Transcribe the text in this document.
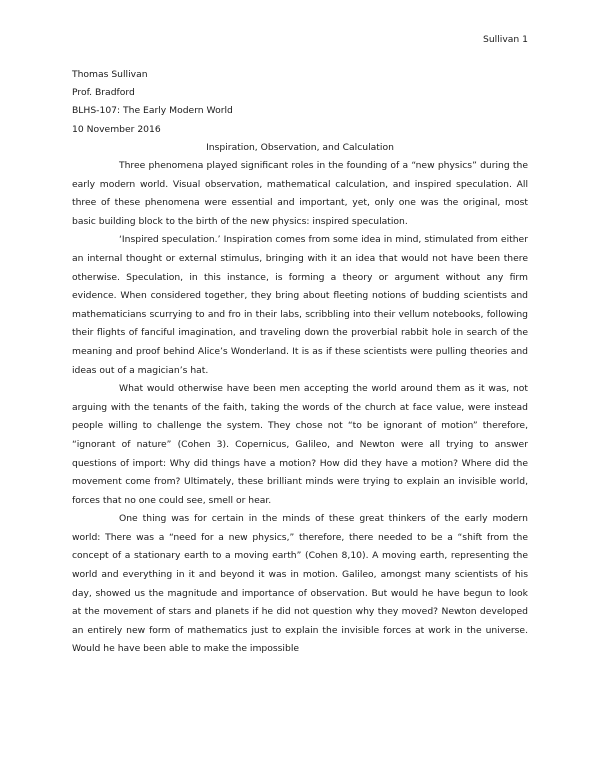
Sullivan 1
Thomas Sullivan
Prof. Bradford
BLHS-107: The Early Modern World
10 November 2016
Inspiration, Observation, and Calculation

Three phenomena played significant roles in the founding of a “new physics” during the early modern world. Visual observation, mathematical calculation, and inspired speculation. All three of these phenomena were essential and important, yet, only one was the original, most basic building block to the birth of the new physics: inspired speculation.

‘Inspired speculation.’ Inspiration comes from some idea in mind, stimulated from either an internal thought or external stimulus, bringing with it an idea that would not have been there otherwise. Speculation, in this instance, is forming a theory or argument without any firm evidence. When considered together, they bring about fleeting notions of budding scientists and mathematicians scurrying to and fro in their labs, scribbling into their vellum notebooks, following their flights of fanciful imagination, and traveling down the proverbial rabbit hole in search of the meaning and proof behind Alice’s Wonderland. It is as if these scientists were pulling theories and ideas out of a magician’s hat.

What would otherwise have been men accepting the world around them as it was, not arguing with the tenants of the faith, taking the words of the church at face value, were instead people willing to challenge the system. They chose not “to be ignorant of motion” therefore, “ignorant of nature” (Cohen 3). Copernicus, Galileo, and Newton were all trying to answer questions of import: Why did things have a motion? How did they have a motion? Where did the movement come from? Ultimately, these brilliant minds were trying to explain an invisible world, forces that no one could see, smell or hear.

One thing was for certain in the minds of these great thinkers of the early modern world: There was a “need for a new physics,” therefore, there needed to be a “shift from the concept of a stationary earth to a moving earth” (Cohen 8,10). A moving earth, representing the world and everything in it and beyond it was in motion. Galileo, amongst many scientists of his day, showed us the magnitude and importance of observation. But would he have begun to look at the movement of stars and planets if he did not question why they moved? Newton developed an entirely new form of mathematics just to explain the invisible forces at work in the universe. Would he have been able to make the impossible
